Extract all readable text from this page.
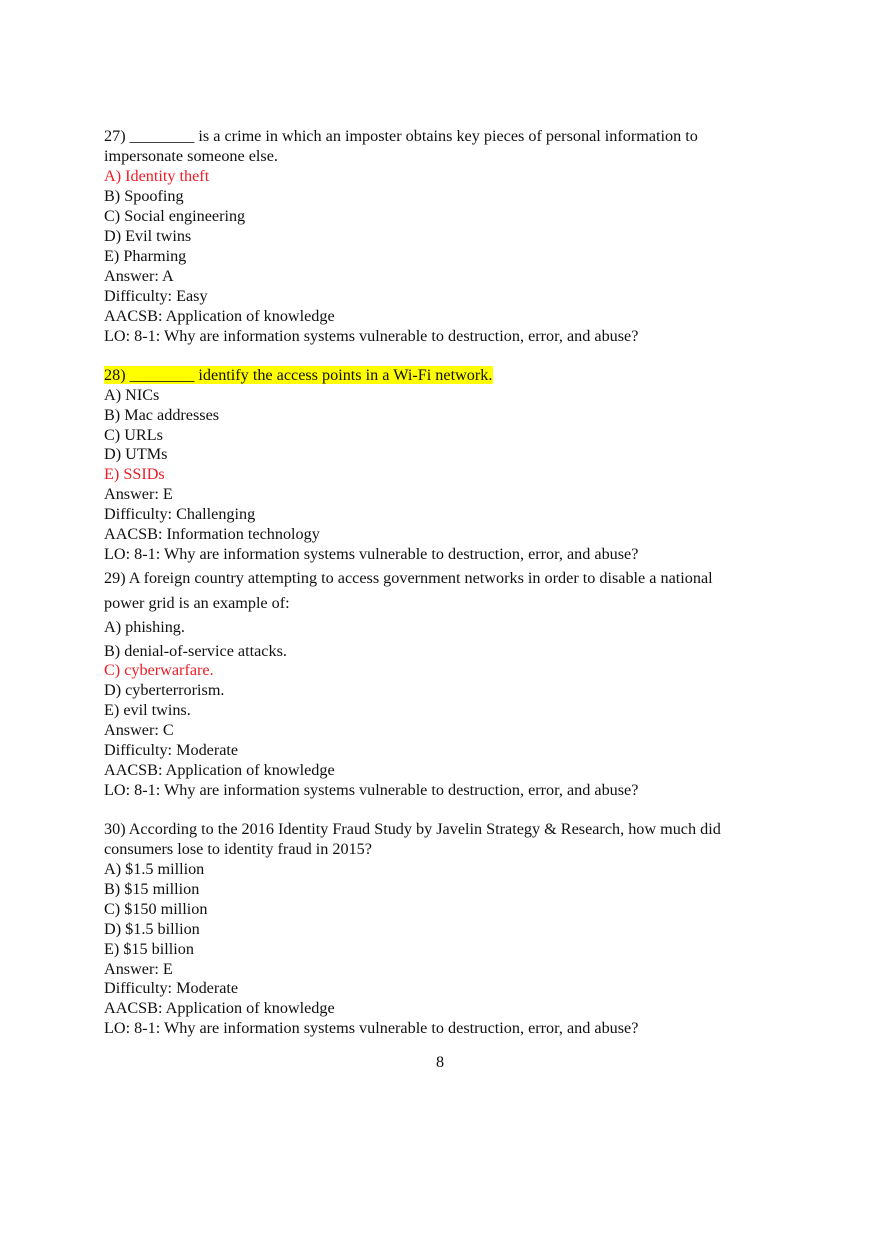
27) ________ is a crime in which an imposter obtains key pieces of personal information to
impersonate someone else.
A) Identity theft
B) Spoofing
C) Social engineering
D) Evil twins
E) Pharming
Answer: A
Difficulty: Easy
AACSB: Application of knowledge
LO: 8-1: Why are information systems vulnerable to destruction, error, and abuse?
28) ________ identify the access points in a Wi-Fi network.
A) NICs
B) Mac addresses
C) URLs
D) UTMs
E) SSIDs
Answer: E
Difficulty: Challenging
AACSB: Information technology
LO: 8-1: Why are information systems vulnerable to destruction, error, and abuse?
29) A foreign country attempting to access government networks in order to disable a national
power grid is an example of:
A) phishing.
B) denial-of-service attacks.
C) cyberwarfare.
D) cyberterrorism.
E) evil twins.
Answer: C
Difficulty: Moderate
AACSB: Application of knowledge
LO: 8-1: Why are information systems vulnerable to destruction, error, and abuse?
30) According to the 2016 Identity Fraud Study by Javelin Strategy & Research, how much did
consumers lose to identity fraud in 2015?
A) $1.5 million
B) $15 million
C) $150 million
D) $1.5 billion
E) $15 billion
Answer: E
Difficulty: Moderate
AACSB: Application of knowledge
LO: 8-1: Why are information systems vulnerable to destruction, error, and abuse?
8
